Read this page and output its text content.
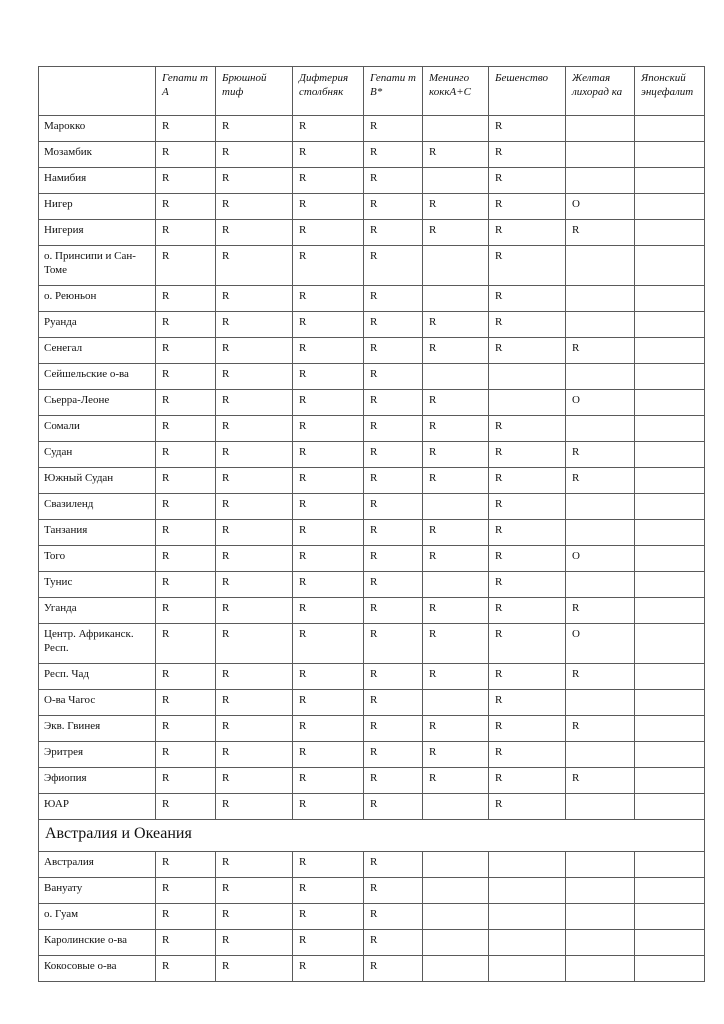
	Гепати т А	Брюшной тиф	Дифтерия столбняк	Гепати т В*	Менинго коккА+С	Бешенство	Желтая лихорад ка	Японский энцефалит
Марокко	R	R	R	R		R		
Мозамбик	R	R	R	R	R	R		
Намибия	R	R	R	R		R		
Нигер	R	R	R	R	R	R	O	
Нигерия	R	R	R	R	R	R	R	
о. Принсипи и Сан-Томе	R	R	R	R		R		
о. Реюньон	R	R	R	R		R		
Руанда	R	R	R	R	R	R		
Сенегал	R	R	R	R	R	R	R	
Сейшельские о-ва	R	R	R	R				
Сьерра-Леоне	R	R	R	R	R		O	
Сомали	R	R	R	R	R	R		
Судан	R	R	R	R	R	R	R	
Южный Судан	R	R	R	R	R	R	R	
Свазиленд	R	R	R	R		R		
Танзания	R	R	R	R	R	R		
Того	R	R	R	R	R	R	O	
Тунис	R	R	R	R		R		
Уганда	R	R	R	R	R	R	R	
Центр. Африканск. Респ.	R	R	R	R	R	R	O	
Респ. Чад	R	R	R	R	R	R	R	
О-ва Чагос	R	R	R	R		R		
Экв. Гвинея	R	R	R	R	R	R	R	
Эритрея	R	R	R	R	R	R		
Эфиопия	R	R	R	R	R	R	R	
ЮАР	R	R	R	R		R		
Австралия и Океания								
Австралия	R	R	R	R				
Вануату	R	R	R	R				
о. Гуам	R	R	R	R				
Каролинские о-ва	R	R	R	R				
Кокосовые о-ва	R	R	R	R				
